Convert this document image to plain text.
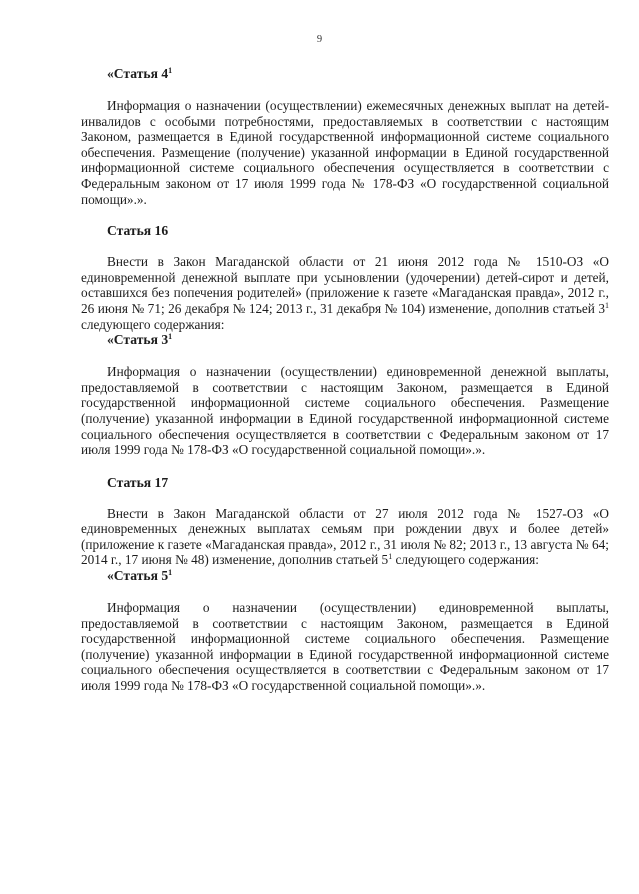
9

«Статья $4^1$

Информация о назначении (осуществлении) ежемесячных денежных выплат на детей-инвалидов с особыми потребностями, предоставляемых в соответствии с настоящим Законом, размещается в Единой государственной информационной системе социального обеспечения. Размещение (получение) указанной информации в Единой государственной информационной системе социального обеспечения осуществляется в соответствии с Федеральным законом от 17 июля 1999 года № 178-ФЗ «О государственной социальной помощи».».

Статья 16

Внести в Закон Магаданской области от 21 июня 2012 года № 1510-ОЗ «О единовременной денежной выплате при усыновлении (удочерении) детей-сирот и детей, оставшихся без попечения родителей» (приложение к газете «Магаданская правда», 2012 г., 26 июня № 71; 26 декабря № 124; 2013 г., 31 декабря № 104) изменение, дополнив статьей $3^1$ следующего содержания:

«Статья $3^1$

Информация о назначении (осуществлении) единовременной денежной выплаты, предоставляемой в соответствии с настоящим Законом, размещается в Единой государственной информационной системе социального обеспечения. Размещение (получение) указанной информации в Единой государственной информационной системе социального обеспечения осуществляется в соответствии с Федеральным законом от 17 июля 1999 года № 178-ФЗ «О государственной социальной помощи».».

Статья 17

Внести в Закон Магаданской области от 27 июля 2012 года № 1527-ОЗ «О единовременных денежных выплатах семьям при рождении двух и более детей» (приложение к газете «Магаданская правда», 2012 г., 31 июля № 82; 2013 г., 13 августа № 64; 2014 г., 17 июня № 48) изменение, дополнив статьей $5^1$ следующего содержания:

«Статья $5^1$

Информация о назначении (осуществлении) единовременной выплаты, предоставляемой в соответствии с настоящим Законом, размещается в Единой государственной информационной системе социального обеспечения. Размещение (получение) указанной информации в Единой государственной информационной системе социального обеспечения осуществляется в соответствии с Федеральным законом от 17 июля 1999 года № 178-ФЗ «О государственной социальной помощи».».
